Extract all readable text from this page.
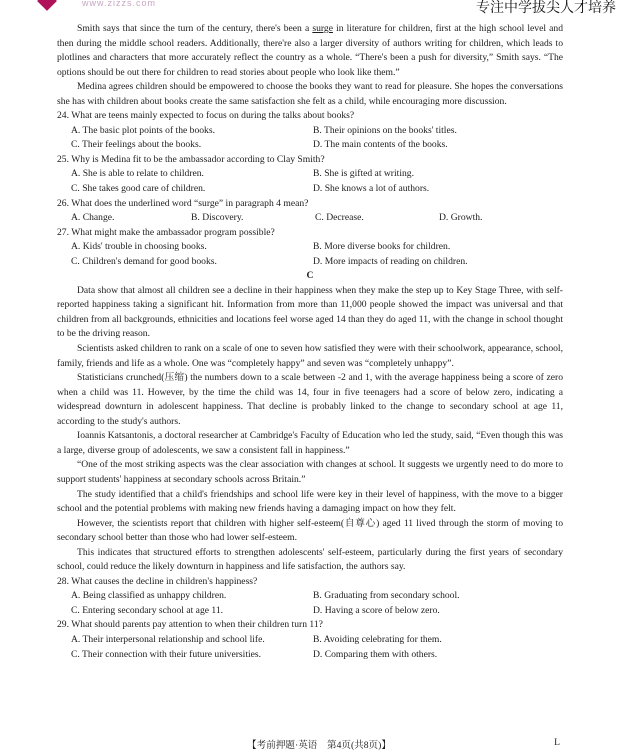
www.zizzs.com	专注中学拔尖人才培养

Smith says that since the turn of the century, there's been a surge in literature for children, first at the high school level and then during the middle school readers. Additionally, there're also a larger diversity of authors writing for children, which leads to plotlines and characters that more accurately reflect the country as a whole. “There's been a push for diversity,” Smith says. “The options should be out there for children to read stories about people who look like them.”

Medina agrees children should be empowered to choose the books they want to read for pleasure. She hopes the conversations she has with children about books create the same satisfaction she felt as a child, while encouraging more discussion.

24. What are teens mainly expected to focus on during the talks about books?

A. The basic plot points of the books.	B. Their opinions on the books' titles.
C. Their feelings about the books.	D. The main contents of the books.

25. Why is Medina fit to be the ambassador according to Clay Smith?

A. She is able to relate to children.	B. She is gifted at writing.
C. She takes good care of children.	D. She knows a lot of authors.

26. What does the underlined word “surge” in paragraph 4 mean?

A. Change.	B. Discovery.	C. Decrease.	D. Growth.

27. What might make the ambassador program possible?

A. Kids' trouble in choosing books.	B. More diverse books for children.
C. Children's demand for good books.	D. More impacts of reading on children.

C

Data show that almost all children see a decline in their happiness when they make the step up to Key Stage Three, with self-reported happiness taking a significant hit. Information from more than 11,000 people showed the impact was universal and that children from all backgrounds, ethnicities and locations feel worse aged 14 than they do aged 11, with the change in school thought to be the driving reason.

Scientists asked children to rank on a scale of one to seven how satisfied they were with their schoolwork, appearance, school, family, friends and life as a whole. One was “completely happy” and seven was “completely unhappy”.

Statisticians crunched(压缩) the numbers down to a scale between -2 and 1, with the average happiness being a score of zero when a child was 11. However, by the time the child was 14, four in five teenagers had a score of below zero, indicating a widespread downturn in adolescent happiness. That decline is probably linked to the change to secondary school at age 11, according to the study's authors.

Ioannis Katsantonis, a doctoral researcher at Cambridge's Faculty of Education who led the study, said, “Even though this was a large, diverse group of adolescents, we saw a consistent fall in happiness.”

“One of the most striking aspects was the clear association with changes at school. It suggests we urgently need to do more to support students' happiness at secondary schools across Britain.”

The study identified that a child's friendships and school life were key in their level of happiness, with the move to a bigger school and the potential problems with making new friends having a damaging impact on how they felt.

However, the scientists report that children with higher self-esteem(自尊心) aged 11 lived through the storm of moving to secondary school better than those who had lower self-esteem.

This indicates that structured efforts to strengthen adolescents' self-esteem, particularly during the first years of secondary school, could reduce the likely downturn in happiness and life satisfaction, the authors say.

28. What causes the decline in children's happiness?

A. Being classified as unhappy children.	B. Graduating from secondary school.
C. Entering secondary school at age 11.	D. Having a score of below zero.

29. What should parents pay attention to when their children turn 11?

A. Their interpersonal relationship and school life.	B. Avoiding celebrating for them.
C. Their connection with their future universities.	D. Comparing them with others.
【考前押题·英语　第4页(共8页)】	L
